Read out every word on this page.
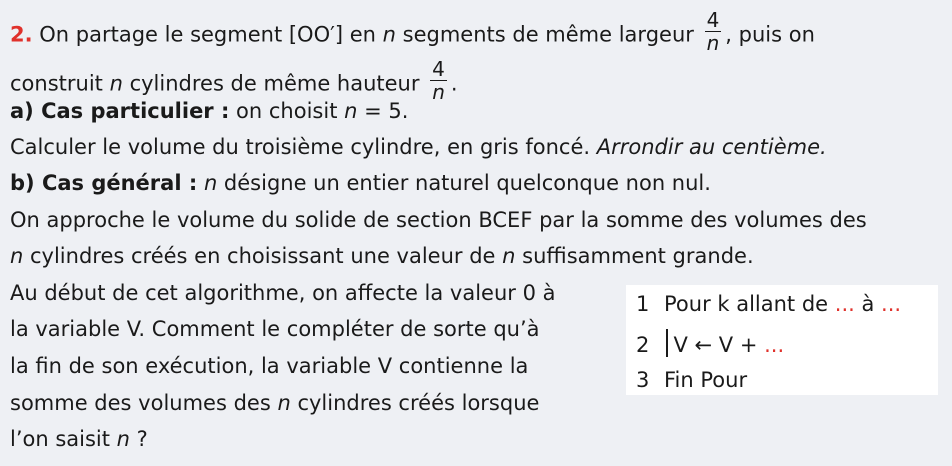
2. On partage le segment [OO′] en n segments de même largeur $\frac{4}{n}$ , puis on
construit n cylindres de même hauteur $\frac{4}{n}$ .
a) Cas particulier : on choisit n = 5.
Calculer le volume du troisième cylindre, en gris foncé. Arrondir au centième.
b) Cas général : n désigne un entier naturel quelconque non nul.
On approche le volume du solide de section BCEF par la somme des volumes des
n cylindres créés en choisissant une valeur de n suffisamment grande.
Au début de cet algorithme, on affecte la valeur 0 à
la variable V. Comment le compléter de sorte qu’à
la fin de son exécution, la variable V contienne la
somme des volumes des n cylindres créés lorsque
l’on saisit n ?
1 Pour k allant de ... à ...
2 V ← V + ...
3 Fin Pour
